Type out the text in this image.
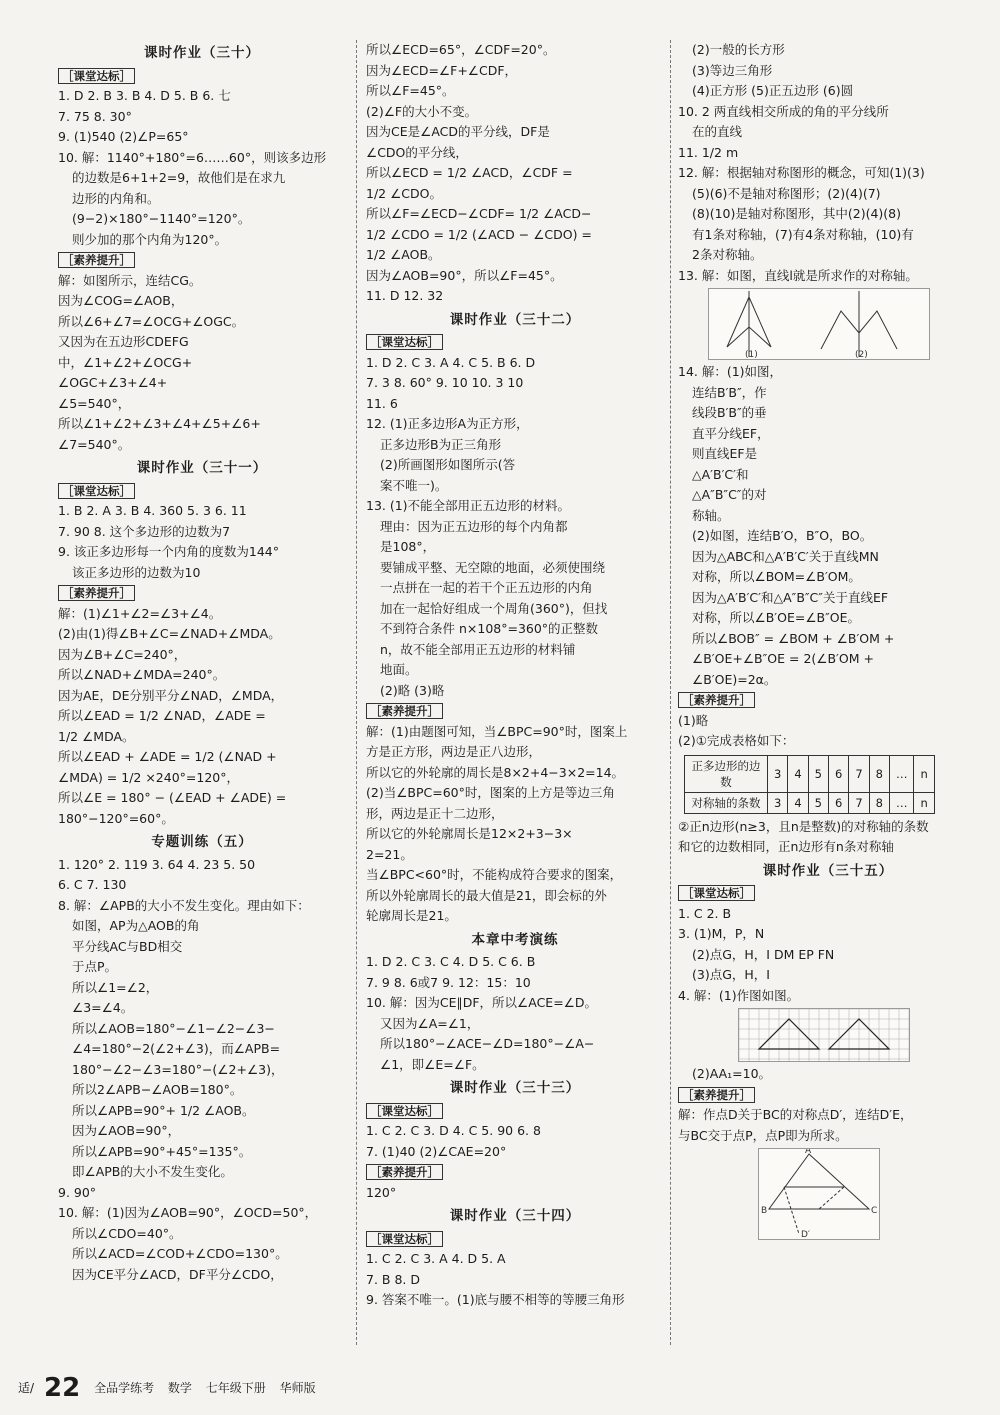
课时作业（三十）
［课堂达标］
1. D 2. B 3. B 4. D 5. B 6. 七
7. 75 8. 30°
9. (1)540 (2)∠P=65°
10. 解：1140°+180°=6……60°，则该多边形
的边数是6+1+2=9，故他们是在求九
边形的内角和。
(9−2)×180°−1140°=120°。
则少加的那个内角为120°。
［素养提升］
解：如图所示，连结CG。
因为∠COG=∠AOB，
所以∠6+∠7=∠OCG+∠OGC。
又因为在五边形CDEFG
中，∠1+∠2+∠OCG+
∠OGC+∠3+∠4+
∠5=540°，
所以∠1+∠2+∠3+∠4+∠5+∠6+
∠7=540°。
课时作业（三十一）
［课堂达标］
1. B 2. A 3. B 4. 360 5. 3 6. 11
7. 90 8. 这个多边形的边数为7
9. 该正多边形每一个内角的度数为144°
该正多边形的边数为10
［素养提升］
解：(1)∠1+∠2=∠3+∠4。
(2)由(1)得∠B+∠C=∠NAD+∠MDA。
因为∠B+∠C=240°，
所以∠NAD+∠MDA=240°。
因为AE，DE分别平分∠NAD，∠MDA，
所以∠EAD = 1/2 ∠NAD，∠ADE =
1/2 ∠MDA。
所以∠EAD + ∠ADE = 1/2 (∠NAD +
∠MDA) = 1/2 ×240°=120°，
所以∠E = 180° − (∠EAD + ∠ADE) =
180°−120°=60°。
专题训练（五）
1. 120° 2. 119 3. 64 4. 23 5. 50
6. C 7. 130
8. 解：∠APB的大小不发生变化。理由如下：
如图，AP为△AOB的角
平分线AC与BD相交
于点P。
所以∠1=∠2，
∠3=∠4。
所以∠AOB=180°−∠1−∠2−∠3−
∠4=180°−2(∠2+∠3)，而∠APB=
180°−∠2−∠3=180°−(∠2+∠3)，
所以2∠APB−∠AOB=180°。
所以∠APB=90°+ 1/2 ∠AOB。
因为∠AOB=90°，
所以∠APB=90°+45°=135°。
即∠APB的大小不发生变化。
9. 90°
10. 解：(1)因为∠AOB=90°，∠OCD=50°，
所以∠CDO=40°。
所以∠ACD=∠COD+∠CDO=130°。
因为CE平分∠ACD，DF平分∠CDO，
所以∠ECD=65°，∠CDF=20°。
因为∠ECD=∠F+∠CDF，
所以∠F=45°。
(2)∠F的大小不变。
因为CE是∠ACD的平分线，DF是
∠CDO的平分线，
所以∠ECD = 1/2 ∠ACD，∠CDF =
1/2 ∠CDO。
所以∠F=∠ECD−∠CDF= 1/2 ∠ACD−
1/2 ∠CDO = 1/2 (∠ACD − ∠CDO) =
1/2 ∠AOB。
因为∠AOB=90°，所以∠F=45°。
11. D 12. 32
课时作业（三十二）
［课堂达标］
1. D 2. C 3. A 4. C 5. B 6. D
7. 3 8. 60° 9. 10 10. 3 10
11. 6
12. (1)正多边形A为正方形，
正多边形B为正三角形
(2)所画图形如图所示(答
案不唯一)。
13. (1)不能全部用正五边形的材料。
理由：因为正五边形的每个内角都
是108°，
要铺成平整、无空隙的地面，必须使围绕
一点拼在一起的若干个正五边形的内角
加在一起恰好组成一个周角(360°)，但找
不到符合条件 n×108°=360°的正整数
n，故不能全部用正五边形的材料铺
地面。
(2)略 (3)略
［素养提升］
解：(1)由题图可知，当∠BPC=90°时，图案上
方是正方形，两边是正八边形，
所以它的外轮廓的周长是8×2+4−3×2=14。
(2)当∠BPC=60°时，图案的上方是等边三角
形，两边是正十二边形，
所以它的外轮廓周长是12×2+3−3×
2=21。
当∠BPC<60°时，不能构成符合要求的图案，
所以外轮廓周长的最大值是21，即会标的外
轮廓周长是21。
本章中考演练
1. D 2. C 3. C 4. D 5. C 6. B
7. 9 8. 6或7 9. 12：15：10
10. 解：因为CE∥DF，所以∠ACE=∠D。
又因为∠A=∠1，
所以180°−∠ACE−∠D=180°−∠A−
∠1，即∠E=∠F。
课时作业（三十三）
［课堂达标］
1. C 2. C 3. D 4. C 5. 90 6. 8
7. (1)40 (2)∠CAE=20°
［素养提升］
120°
课时作业（三十四）
［课堂达标］
1. C 2. C 3. A 4. D 5. A
7. B 8. D
9. 答案不唯一。(1)底与腰不相等的等腰三角形
(2)一般的长方形
(3)等边三角形
(4)正方形 (5)正五边形 (6)圆
10. 2 两直线相交所成的角的平分线所
在的直线
11. 1/2 m
12. 解：根据轴对称图形的概念，可知(1)(3)
(5)(6)不是轴对称图形；(2)(4)(7)
(8)(10)是轴对称图形，其中(2)(4)(8)
有1条对称轴，(7)有4条对称轴，(10)有
2条对称轴。
13. 解：如图，直线l就是所求作的对称轴。
(1)	(2)
14. 解：(1)如图，
连结B′B″，作
线段B′B″的垂
直平分线EF，
则直线EF是
△A′B′C′和
△A″B″C″的对
称轴。
(2)如图，连结B′O，B″O，BO。
因为△ABC和△A′B′C′关于直线MN
对称，所以∠BOM=∠B′OM。
因为△A′B′C′和△A″B″C″关于直线EF
对称，所以∠B′OE=∠B″OE。
所以∠BOB″ = ∠BOM + ∠B′OM +
∠B′OE+∠B″OE = 2(∠B′OM +
∠B′OE)=2α。
［素养提升］
(1)略
(2)①完成表格如下：
正多边形的边数	3	4	5	6	7	8	…	n
对称轴的条数	3	4	5	6	7	8	…	n
②正n边形(n≥3，且n是整数)的对称轴的条数
和它的边数相同，正n边形有n条对称轴
课时作业（三十五）
［课堂达标］
1. C 2. B
3. (1)M，P，N
(2)点G，H，I DM EP FN
(3)点G，H，I
4. 解：(1)作图如图。
(2)AA₁=10。
［素养提升］
解：作点D关于BC的对称点D′，连结D′E，
与BC交于点P，点P即为所求。
B	C
A
D′
适/ 22 全品学练考 数学 七年级下册 华师版
